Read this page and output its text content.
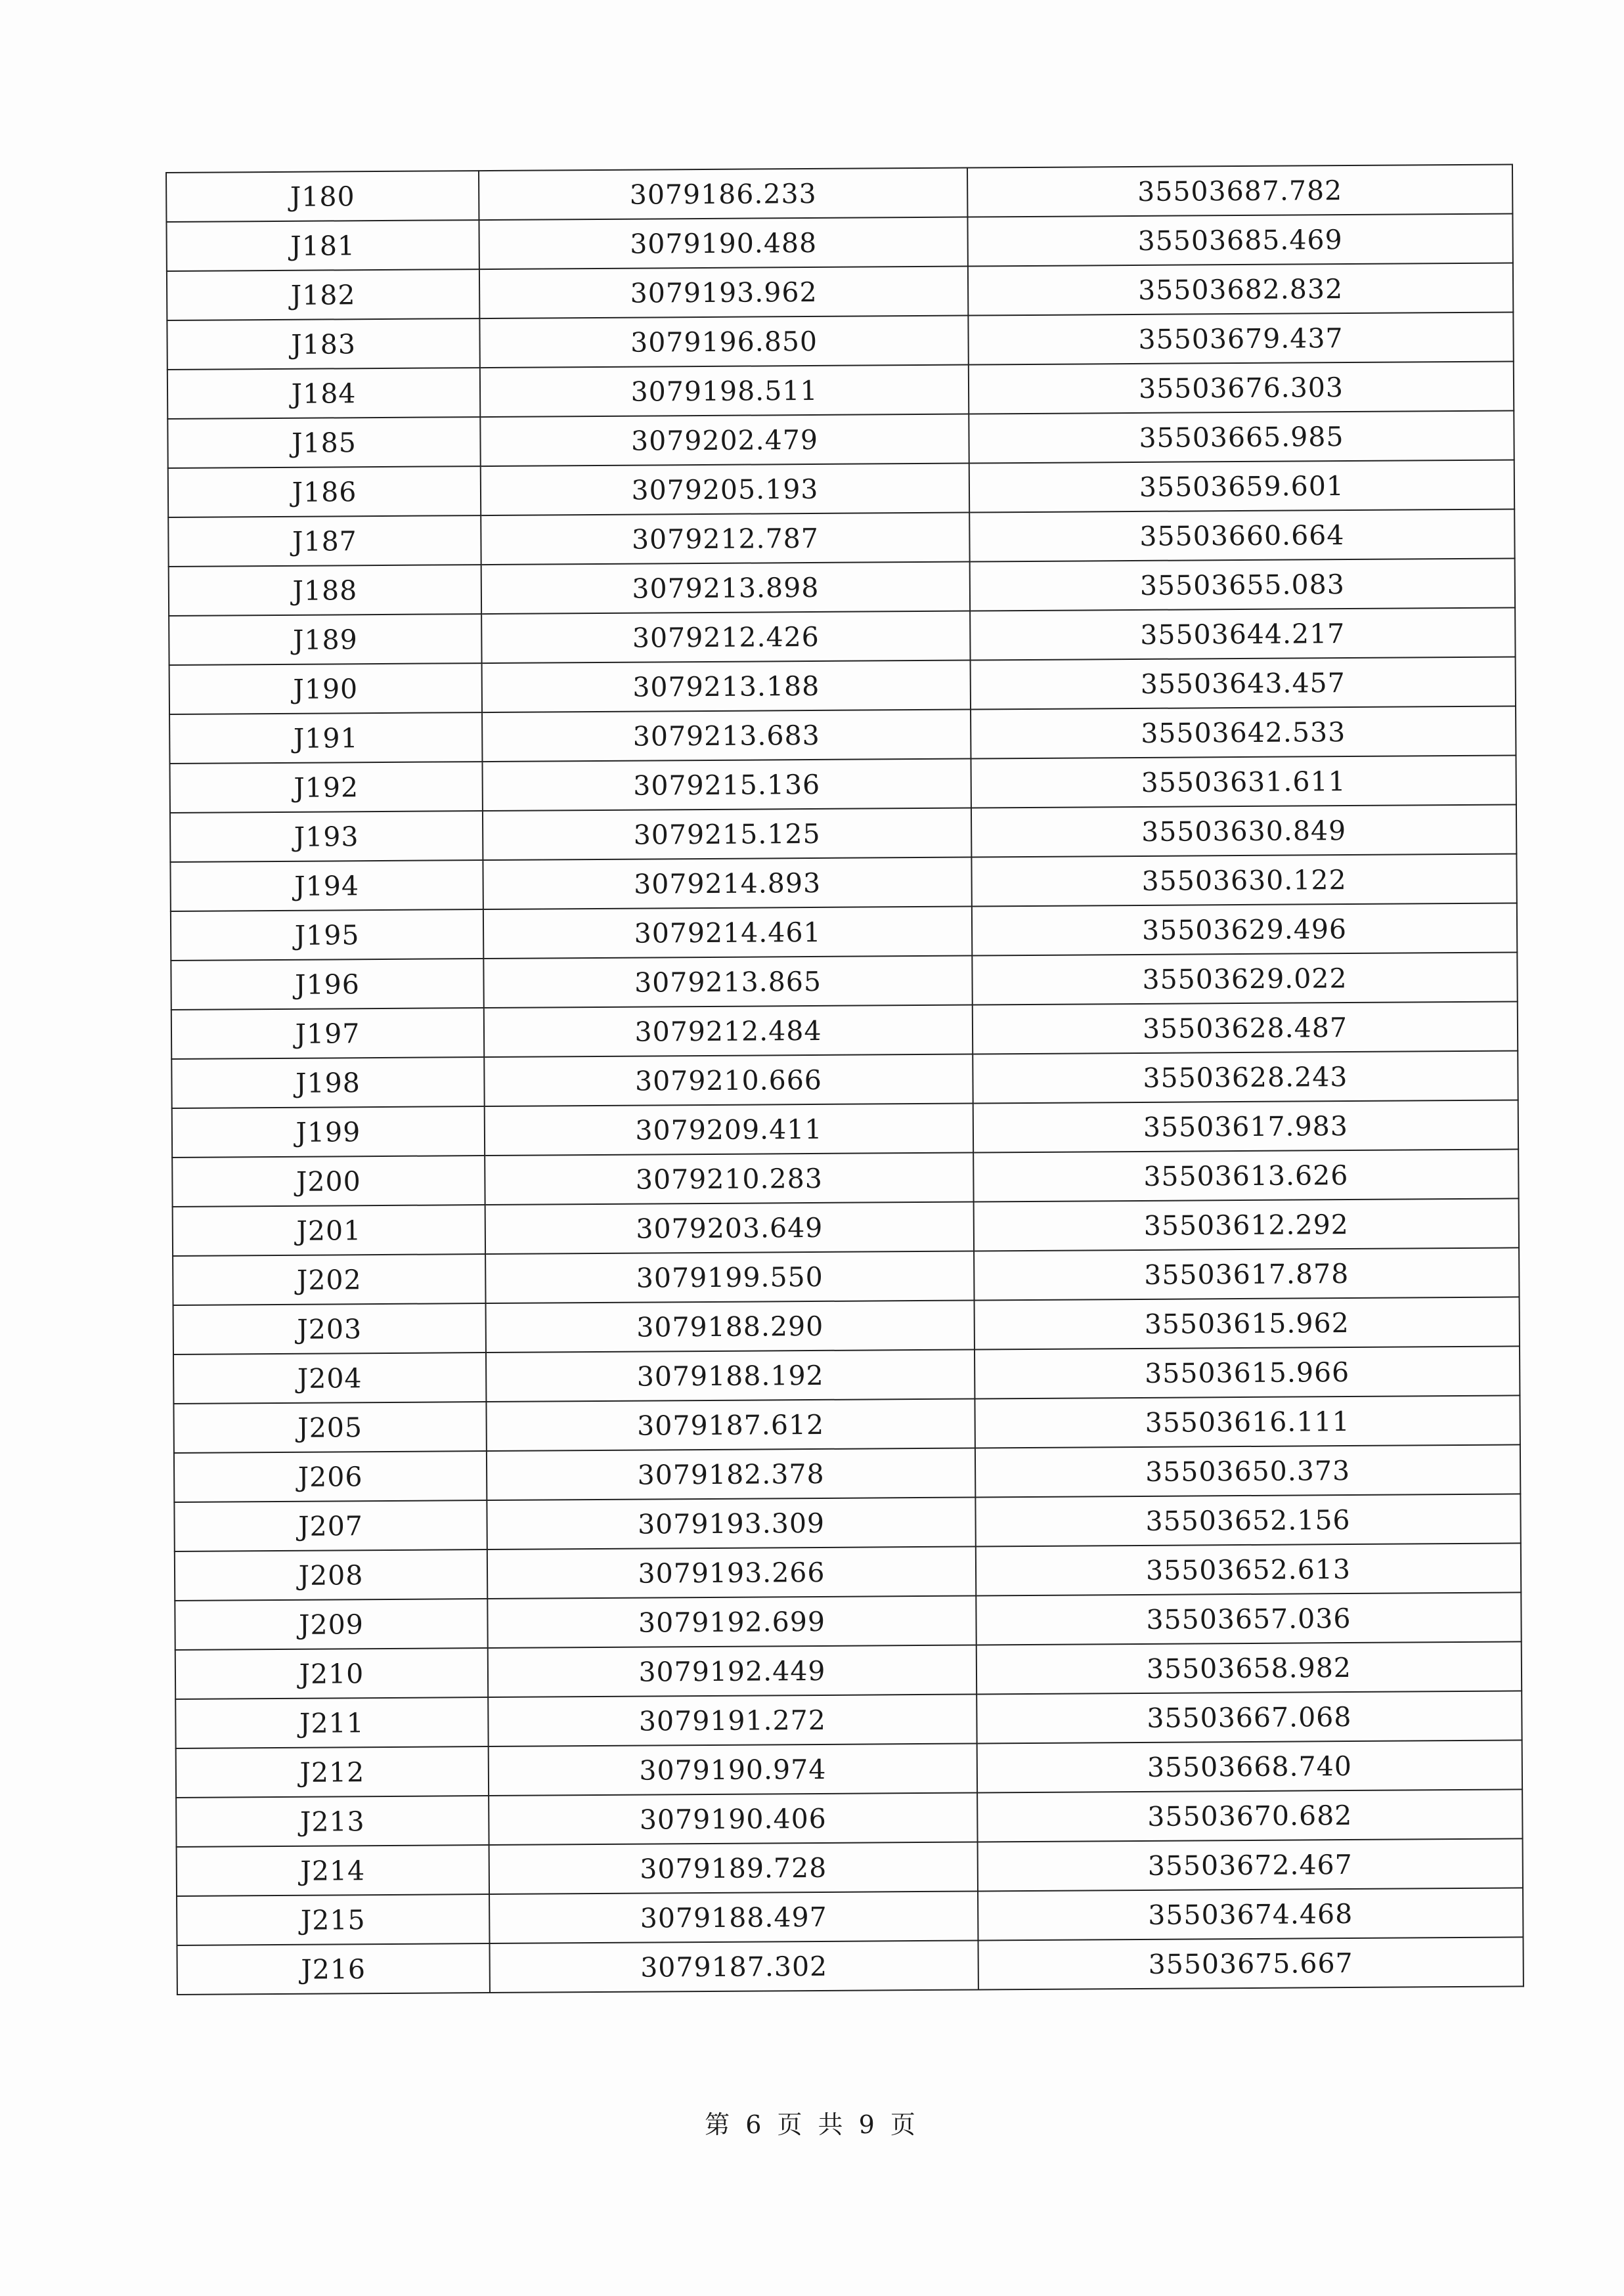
J180	3079186.233	35503687.782
J181	3079190.488	35503685.469
J182	3079193.962	35503682.832
J183	3079196.850	35503679.437
J184	3079198.511	35503676.303
J185	3079202.479	35503665.985
J186	3079205.193	35503659.601
J187	3079212.787	35503660.664
J188	3079213.898	35503655.083
J189	3079212.426	35503644.217
J190	3079213.188	35503643.457
J191	3079213.683	35503642.533
J192	3079215.136	35503631.611
J193	3079215.125	35503630.849
J194	3079214.893	35503630.122
J195	3079214.461	35503629.496
J196	3079213.865	35503629.022
J197	3079212.484	35503628.487
J198	3079210.666	35503628.243
J199	3079209.411	35503617.983
J200	3079210.283	35503613.626
J201	3079203.649	35503612.292
J202	3079199.550	35503617.878
J203	3079188.290	35503615.962
J204	3079188.192	35503615.966
J205	3079187.612	35503616.111
J206	3079182.378	35503650.373
J207	3079193.309	35503652.156
J208	3079193.266	35503652.613
J209	3079192.699	35503657.036
J210	3079192.449	35503658.982
J211	3079191.272	35503667.068
J212	3079190.974	35503668.740
J213	3079190.406	35503670.682
J214	3079189.728	35503672.467
J215	3079188.497	35503674.468
J216	3079187.302	35503675.667
第 6 页 共 9 页
